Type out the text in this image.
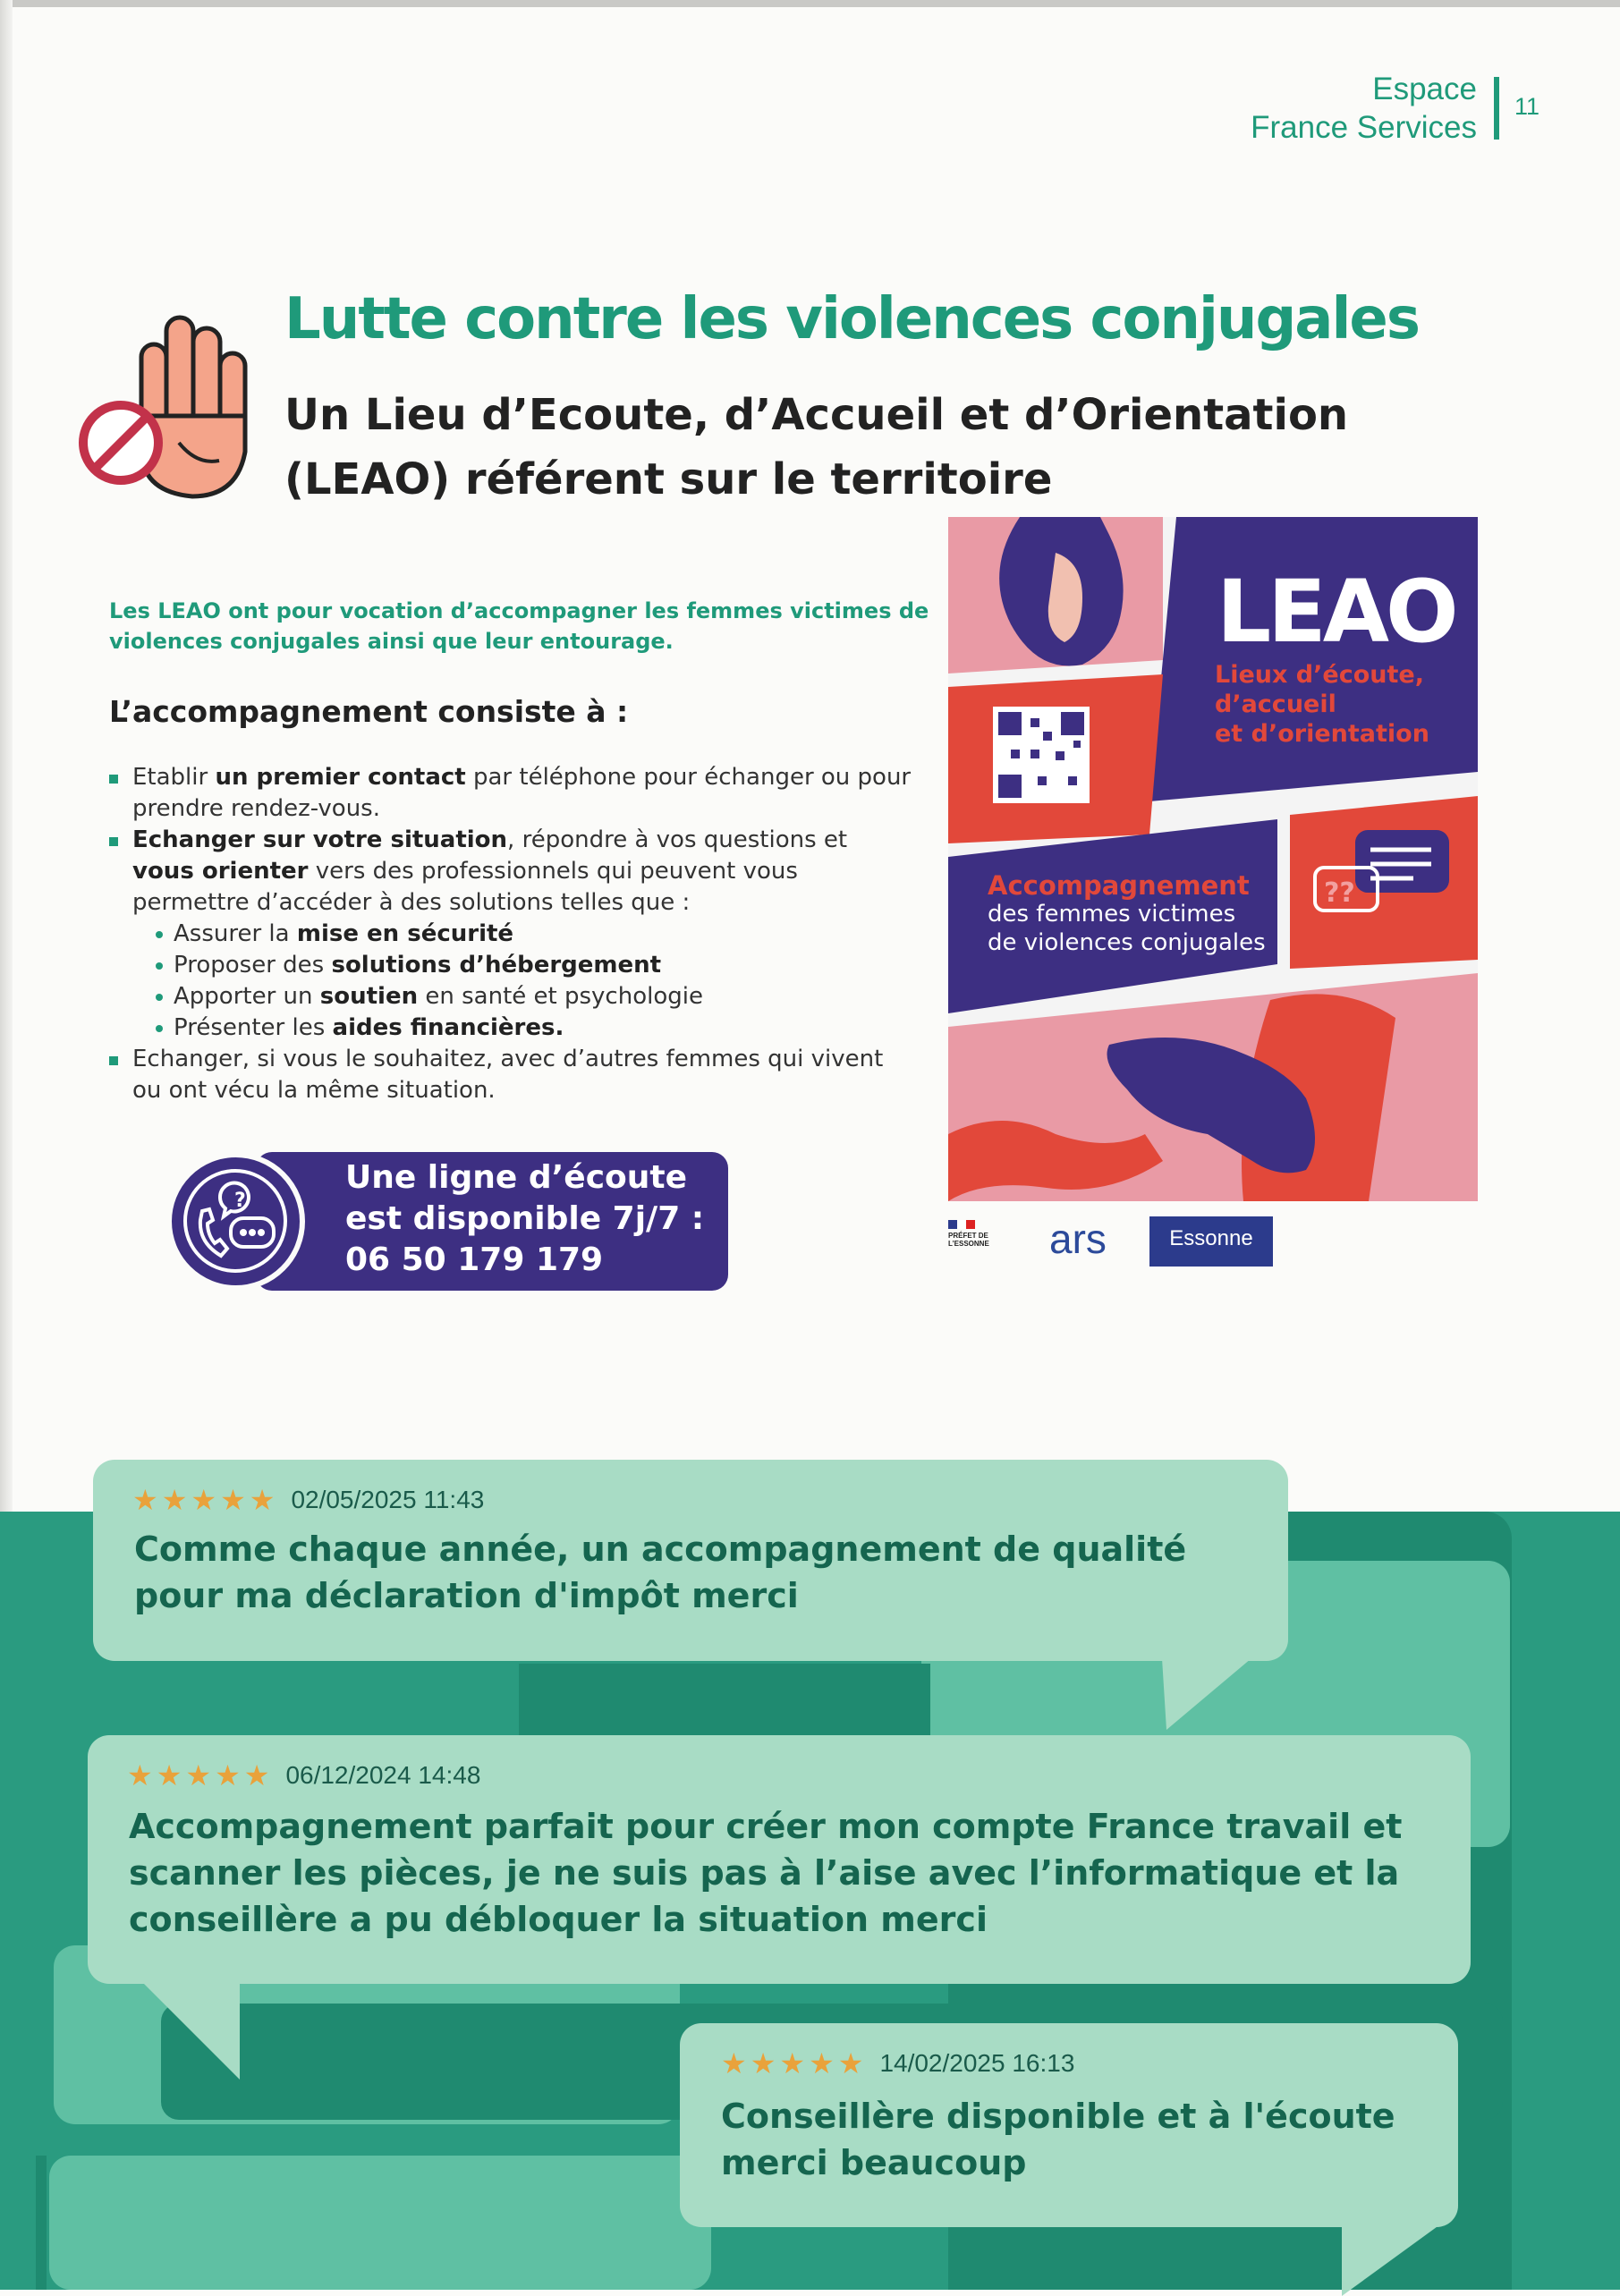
Espace
France Services
11
Lutte contre les violences conjugales
Un Lieu d’Ecoute, d’Accueil et d’Orientation (LEAO) référent sur le territoire

Les LEAO ont pour vocation d’accompagner les femmes victimes de violences conjugales ainsi que leur entourage.

L’accompagnement consiste à :
Etablir un premier contact par téléphone pour échanger ou pour prendre rendez-vous.
Echanger sur votre situation, répondre à vos questions et vous orienter vers des professionnels qui peuvent vous permettre d’accéder à des solutions telles que :
Assurer la mise en sécurité
Proposer des solutions d’hébergement
Apporter un soutien en santé et psychologie
Présenter les aides financières.
Echanger, si vous le souhaitez, avec d’autres femmes qui vivent ou ont vécu la même situation.
?
Une ligne d’écoute
est disponible 7j/7 :
06 50 179 179
??
LEAO
Lieux d’écoute,
d’accueil
et d’orientation
Accompagnement
des femmes victimes
de violences conjugales
PRÉFET DE L’ESSONNE	ars	Essonne
★★★★★ 02/05/2025 11:43

Comme chaque année, un accompagnement de qualité pour ma déclaration d'impôt merci

★★★★★ 06/12/2024 14:48

Accompagnement parfait pour créer mon compte France travail et scanner les pièces, je ne suis pas à l’aise avec l’informatique et la conseillère a pu débloquer la situation merci

★★★★★ 14/02/2025 16:13

Conseillère disponible et à l'écoute merci beaucoup
